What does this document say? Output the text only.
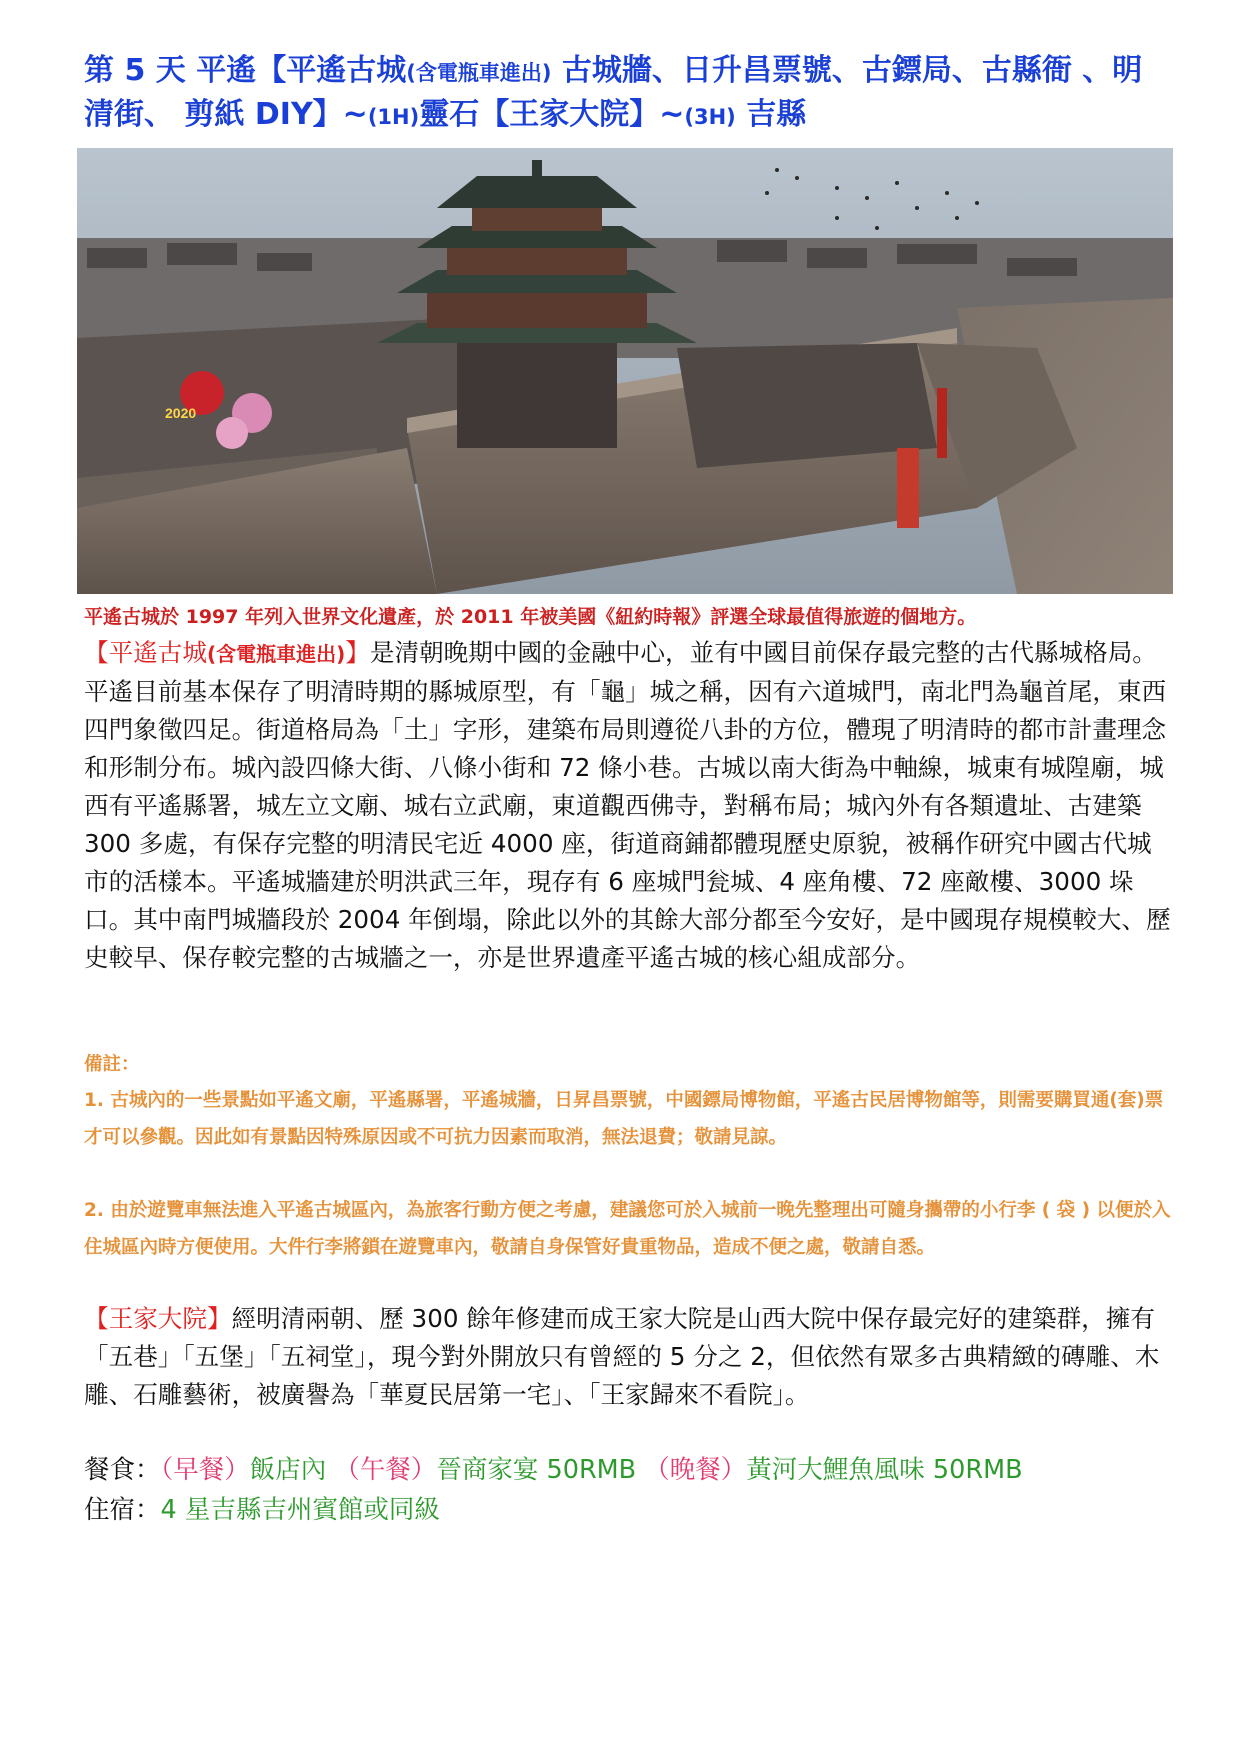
第 5 天 平遙【平遙古城(含電瓶車進出) 古城牆、日升昌票號、古鏢局、古縣衙 、明清街、 剪紙 DIY】~(1H)靈石【王家大院】~(3H) 吉縣
2020
平遙古城於 1997 年列入世界文化遺產，於 2011 年被美國《紐約時報》評選全球最值得旅遊的個地方。
【平遙古城(含電瓶車進出)】是清朝晚期中國的金融中心，並有中國目前保存最完整的古代縣城格局。平遙目前基本保存了明清時期的縣城原型，有「龜」城之稱，因有六道城門，南北門為龜首尾，東西四門象徵四足。街道格局為「土」字形，建築布局則遵從八卦的方位，體現了明清時的都市計畫理念和形制分布。城內設四條大街、八條小街和 72 條小巷。古城以南大街為中軸線，城東有城隍廟，城西有平遙縣署，城左立文廟、城右立武廟，東道觀西佛寺，對稱布局；城內外有各類遺址、古建築 300 多處，有保存完整的明清民宅近 4000 座，街道商鋪都體現歷史原貌，被稱作研究中國古代城市的活樣本。平遙城牆建於明洪武三年，現存有 6 座城門瓮城、4 座角樓、72 座敵樓、3000 垛口。其中南門城牆段於 2004 年倒塌，除此以外的其餘大部分都至今安好，是中國現存規模較大、歷史較早、保存較完整的古城牆之一，亦是世界遺產平遙古城的核心組成部分。
備註：
1. 古城內的一些景點如平遙文廟，平遙縣署，平遙城牆，日昇昌票號，中國鏢局博物館，平遙古民居博物館等，則需要購買通(套)票才可以參觀。因此如有景點因特殊原因或不可抗力因素而取消，無法退費；敬請見諒。
2. 由於遊覽車無法進入平遙古城區內，為旅客行動方便之考慮，建議您可於入城前一晚先整理出可隨身攜帶的小行李 ( 袋 ) 以便於入住城區內時方便使用。大件行李將鎖在遊覽車內，敬請自身保管好貴重物品，造成不便之處，敬請自悉。
【王家大院】經明清兩朝、歷 300 餘年修建而成王家大院是山西大院中保存最完好的建築群，擁有「五巷」「五堡」「五祠堂」，現今對外開放只有曾經的 5 分之 2，但依然有眾多古典精緻的磚雕、木雕、石雕藝術，被廣譽為「華夏民居第一宅」、「王家歸來不看院」。
餐食：（早餐）飯店內 （午餐）晉商家宴 50RMB （晚餐）黃河大鯉魚風味 50RMB
住宿：4 星吉縣吉州賓館或同級
